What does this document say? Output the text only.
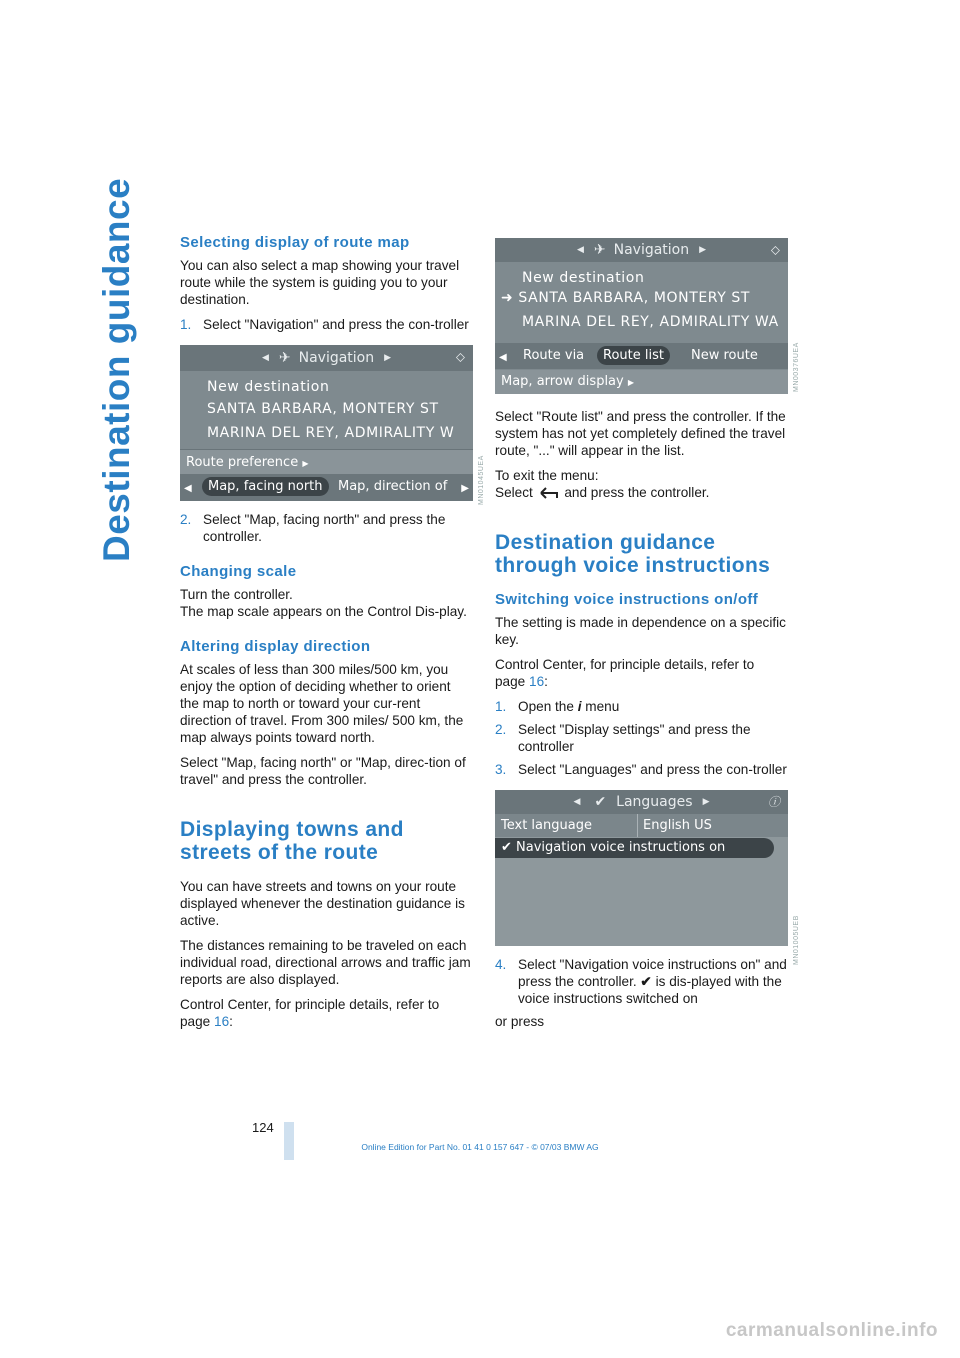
Destination guidance	Selecting display of route map

You can also select a map showing your travel route while the system is guiding you to your destination.

1. Select "Navigation" and press the con-troller
◀ ✈ Navigation ▶	⬦
New destination
SANTA BARBARA, MONTERY ST
MARINA DEL REY, ADMIRALITY W
Route preference ▶
◀	Map, facing north	Map, direction of ▶
2. Select "Map, facing north" and press the controller.
Changing scale

Turn the controller.
The map scale appears on the Control Dis-play.

Altering display direction

At scales of less than 300 miles/500 km, you enjoy the option of deciding whether to orient the map to north or toward your cur-rent direction of travel. From 300 miles/ 500 km, the map always points toward north.

Select "Map, facing north" or "Map, direc-tion of travel" and press the controller.

Displaying towns and streets of the route

You can have streets and towns on your route displayed whenever the destination guidance is active.

The distances remaining to be traveled on each individual road, directional arrows and traffic jam reports are also displayed.

Control Center, for principle details, refer to page 16:

MN01045UEA
◀ ✈ Navigation ▶	⬦
New destination
➜ SANTA BARBARA, MONTERY ST
MARINA DEL REY, ADMIRALITY WA
◀ Route via	Route list	New route
Map, arrow display ▶

Select "Route list" and press the controller. If the system has not yet completely defined the travel route, "..." will appear in the list.

To exit the menu:
Select and press the controller.

Destination guidance through voice instructions
Switching voice instructions on/off

The setting is made in dependence on a specific key.

Control Center, for principle details, refer to page 16:

1. Open the i menu
2. Select "Display settings" and press the controller
3. Select "Languages" and press the con-troller
◀ ✔ Languages ▶	ⓘ
Text language	English US
✔ Navigation voice instructions on
4. Select "Navigation voice instructions on" and press the controller. ✔ is dis-played with the voice instructions switched on

or press

MN00376UEA
MN01005UEB
124
Online Edition for Part No. 01 41 0 157 647 - © 07/03 BMW AG
carmanualsonline.info
